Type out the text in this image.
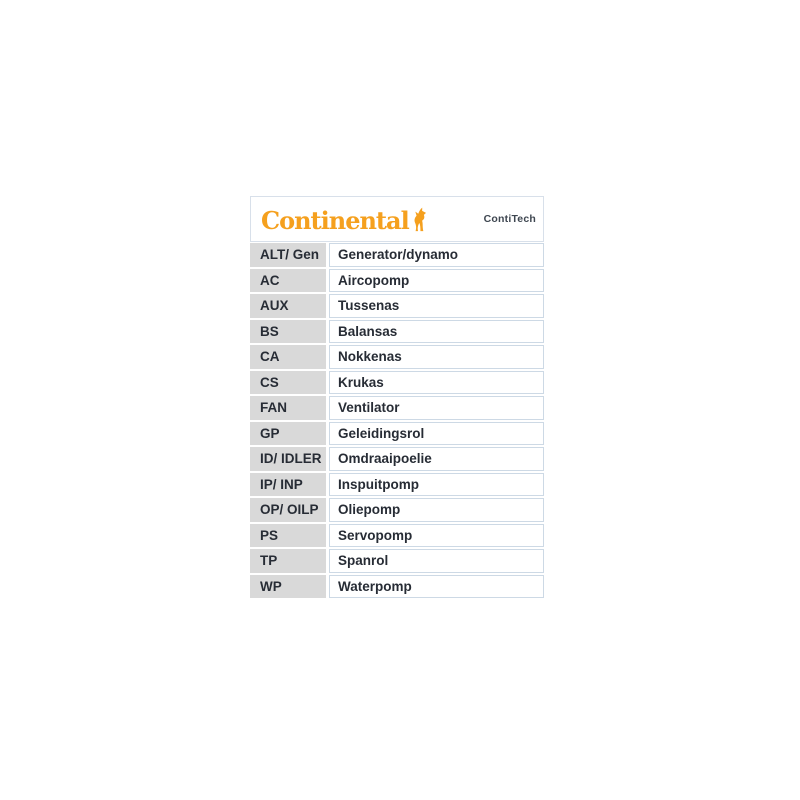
Continental	ContiTech
ALT/ Gen	Generator/dynamo
AC	Aircopomp
AUX	Tussenas
BS	Balansas
CA	Nokkenas
CS	Krukas
FAN	Ventilator
GP	Geleidingsrol
ID/ IDLER	Omdraaipoelie
IP/ INP	Inspuitpomp
OP/ OILP	Oliepomp
PS	Servopomp
TP	Spanrol
WP	Waterpomp
